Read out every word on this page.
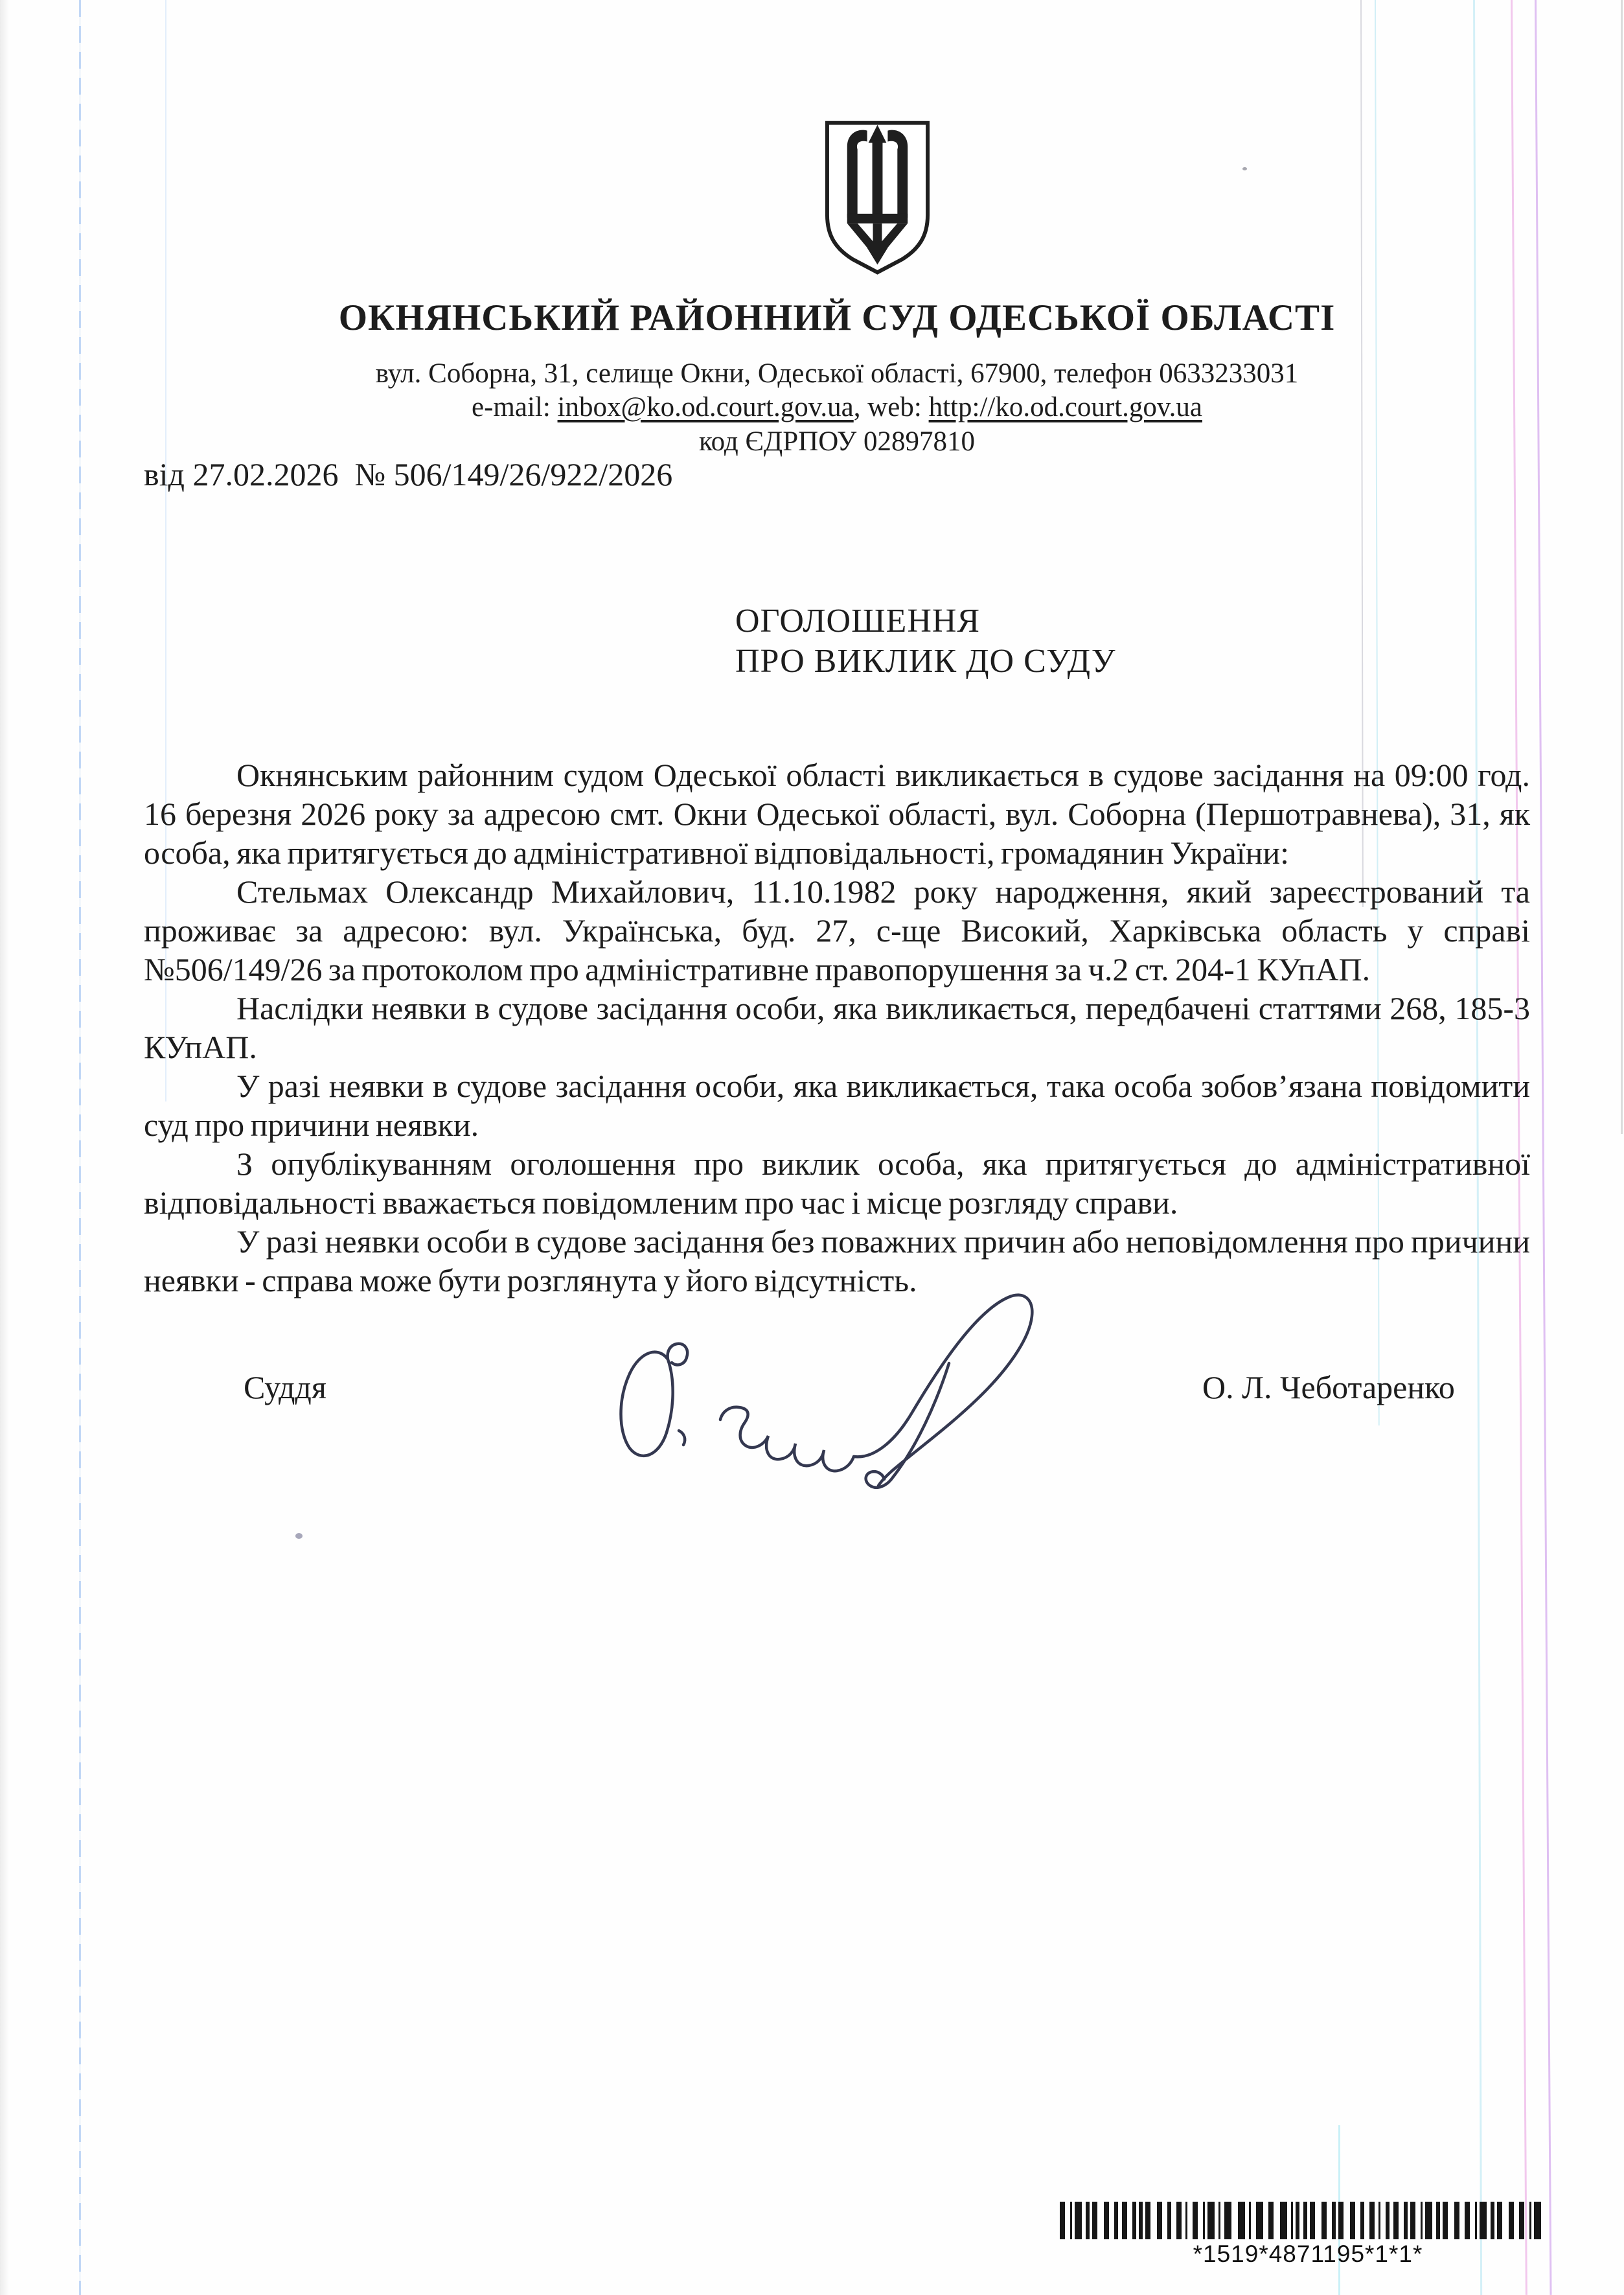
ОКНЯНСЬКИЙ РАЙОННИЙ СУД ОДЕСЬКОЇ ОБЛАСТІ
вул. Соборна, 31, селище Окни, Одеської області, 67900, телефон 0633233031
e-mail: inbox@ko.od.court.gov.ua, web: http://ko.od.court.gov.ua
код ЄДРПОУ 02897810
від 27.02.2026  № 506/149/26/922/2026
ОГОЛОШЕННЯ
ПРО ВИКЛИК ДО СУДУ

Окнянським районним судом Одеської області викликається в судове засідання на 09:00 год. 16 березня 2026 року за адресою смт. Окни Одеської області, вул. Соборна (Першотравнева), 31, як особа, яка притягується до адміністративної відповідальності, громадянин України:

Стельмах Олександр Михайлович, 11.10.1982 року народження, який зареєстрований та проживає за адресою: вул. Українська, буд. 27, с-ще Високий, Харківська область у справі №506/149/26 за протоколом про адміністративне правопорушення за ч.2 ст. 204-1 КУпАП.

Наслідки неявки в судове засідання особи, яка викликається, передбачені статтями 268, 185-3 КУпАП.

У разі неявки в судове засідання особи, яка викликається, така особа зобов’язана повідомити суд про причини неявки.

З опублікуванням оголошення про виклик особа, яка притягується до адміністративної відповідальності вважається повідомленим про час і місце розгляду справи.

У разі неявки особи в судове засідання без поважних причин або неповідомлення про причини неявки - справа може бути розглянута у його відсутність.

Суддя	О. Л. Чеботаренко
*1519*4871195*1*1*
